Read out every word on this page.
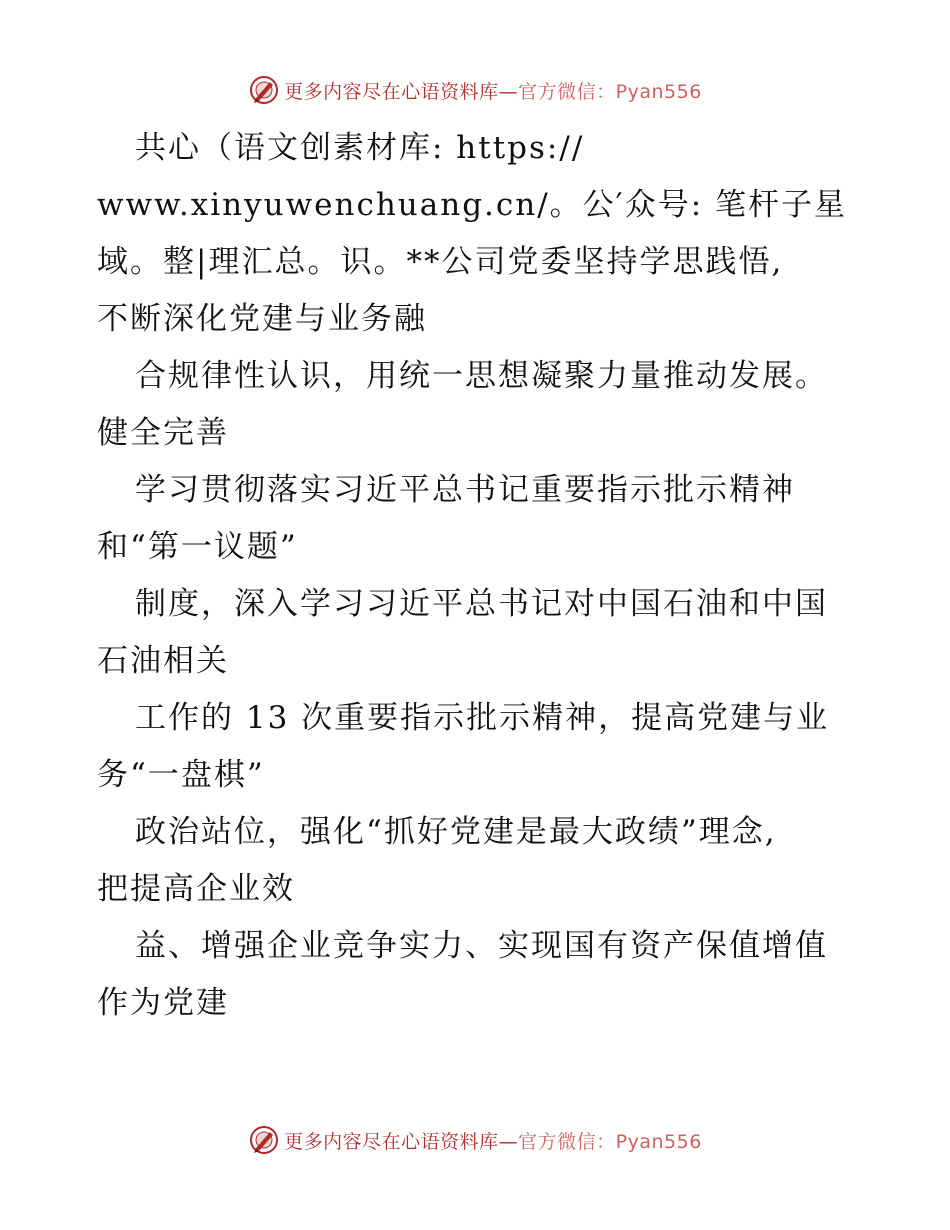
更多内容尽在心语资料库—官方微信：Pyan556
共心（语文创素材库: https://
www.xinyuwenchuang.cn/。公′众号: 笔杆子星
域。整|理汇总。识。**公司党委坚持学思践悟,
不断深化党建与业务融
合规律性认识，用统一思想凝聚力量推动发展。
健全完善
学习贯彻落实习近平总书记重要指示批示精神
和“第一议题”
制度，深入学习习近平总书记对中国石油和中国
石油相关
工作的 13 次重要指示批示精神，提高党建与业
务“一盘棋”
政治站位，强化“抓好党建是最大政绩”理念,
把提高企业效
益、增强企业竞争实力、实现国有资产保值增值
作为党建
更多内容尽在心语资料库—官方微信：Pyan556
